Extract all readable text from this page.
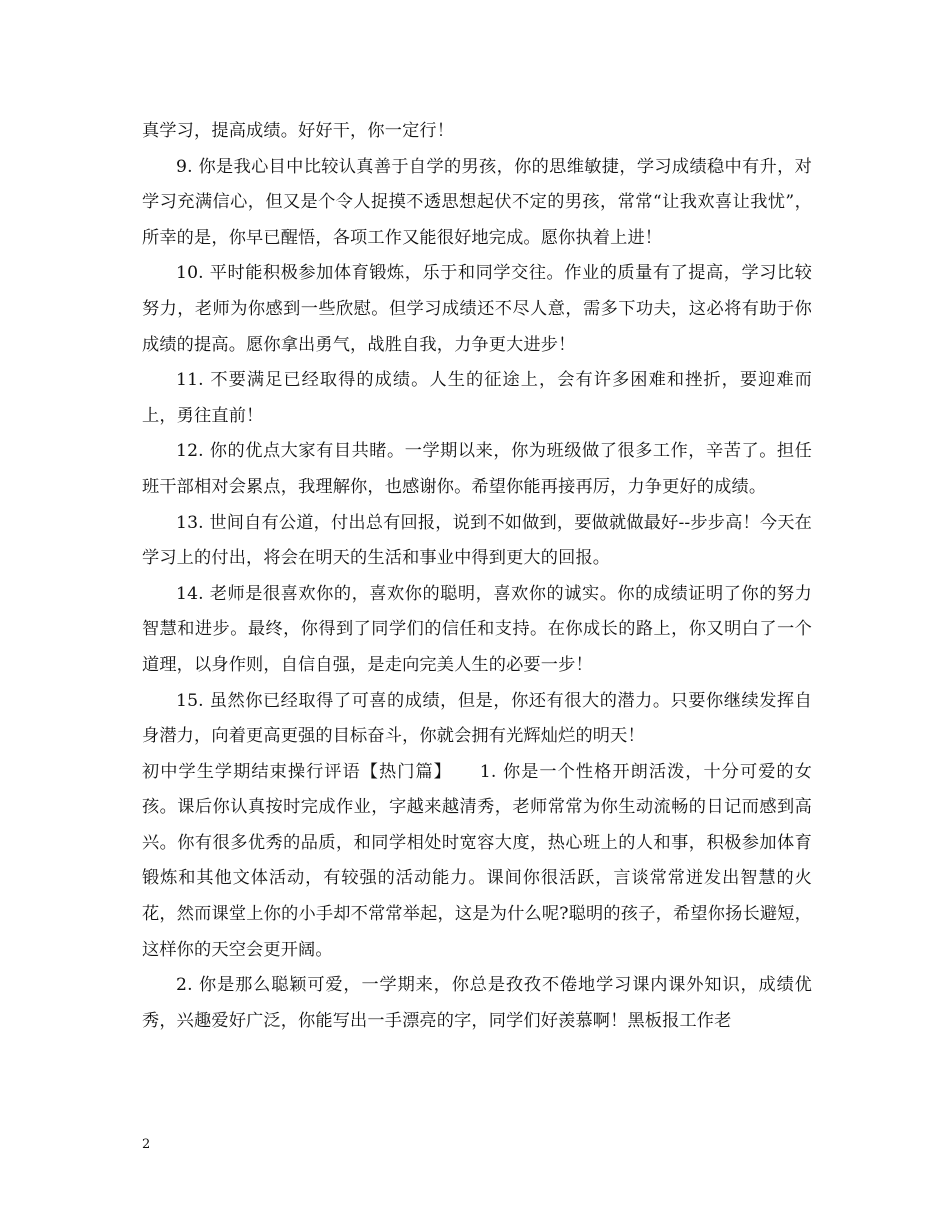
真学习，提高成绩。好好干，你一定行！

9. 你是我心目中比较认真善于自学的男孩，你的思维敏捷，学习成绩稳中有升，对学习充满信心，但又是个令人捉摸不透思想起伏不定的男孩，常常“让我欢喜让我忧”，所幸的是，你早已醒悟，各项工作又能很好地完成。愿你执着上进！

10. 平时能积极参加体育锻炼，乐于和同学交往。作业的质量有了提高，学习比较努力，老师为你感到一些欣慰。但学习成绩还不尽人意，需多下功夫，这必将有助于你成绩的提高。愿你拿出勇气，战胜自我，力争更大进步！

11. 不要满足已经取得的成绩。人生的征途上，会有许多困难和挫折，要迎难而上，勇往直前！

12. 你的优点大家有目共睹。一学期以来，你为班级做了很多工作，辛苦了。担任班干部相对会累点，我理解你，也感谢你。希望你能再接再厉，力争更好的成绩。

13. 世间自有公道，付出总有回报，说到不如做到，要做就做最好--步步高！今天在学习上的付出，将会在明天的生活和事业中得到更大的回报。

14. 老师是很喜欢你的，喜欢你的聪明，喜欢你的诚实。你的成绩证明了你的努力智慧和进步。最终，你得到了同学们的信任和支持。在你成长的路上，你又明白了一个道理，以身作则，自信自强，是走向完美人生的必要一步！

15. 虽然你已经取得了可喜的成绩，但是，你还有很大的潜力。只要你继续发挥自身潜力，向着更高更强的目标奋斗，你就会拥有光辉灿烂的明天！

初中学生学期结束操行评语【热门篇】　　1. 你是一个性格开朗活泼，十分可爱的女孩。课后你认真按时完成作业，字越来越清秀，老师常常为你生动流畅的日记而感到高兴。你有很多优秀的品质，和同学相处时宽容大度，热心班上的人和事，积极参加体育锻炼和其他文体活动，有较强的活动能力。课间你很活跃，言谈常常迸发出智慧的火花，然而课堂上你的小手却不常常举起，这是为什么呢?聪明的孩子，希望你扬长避短，这样你的天空会更开阔。

2. 你是那么聪颖可爱，一学期来，你总是孜孜不倦地学习课内课外知识，成绩优秀，兴趣爱好广泛，你能写出一手漂亮的字，同学们好羡慕啊！黑板报工作老

2
